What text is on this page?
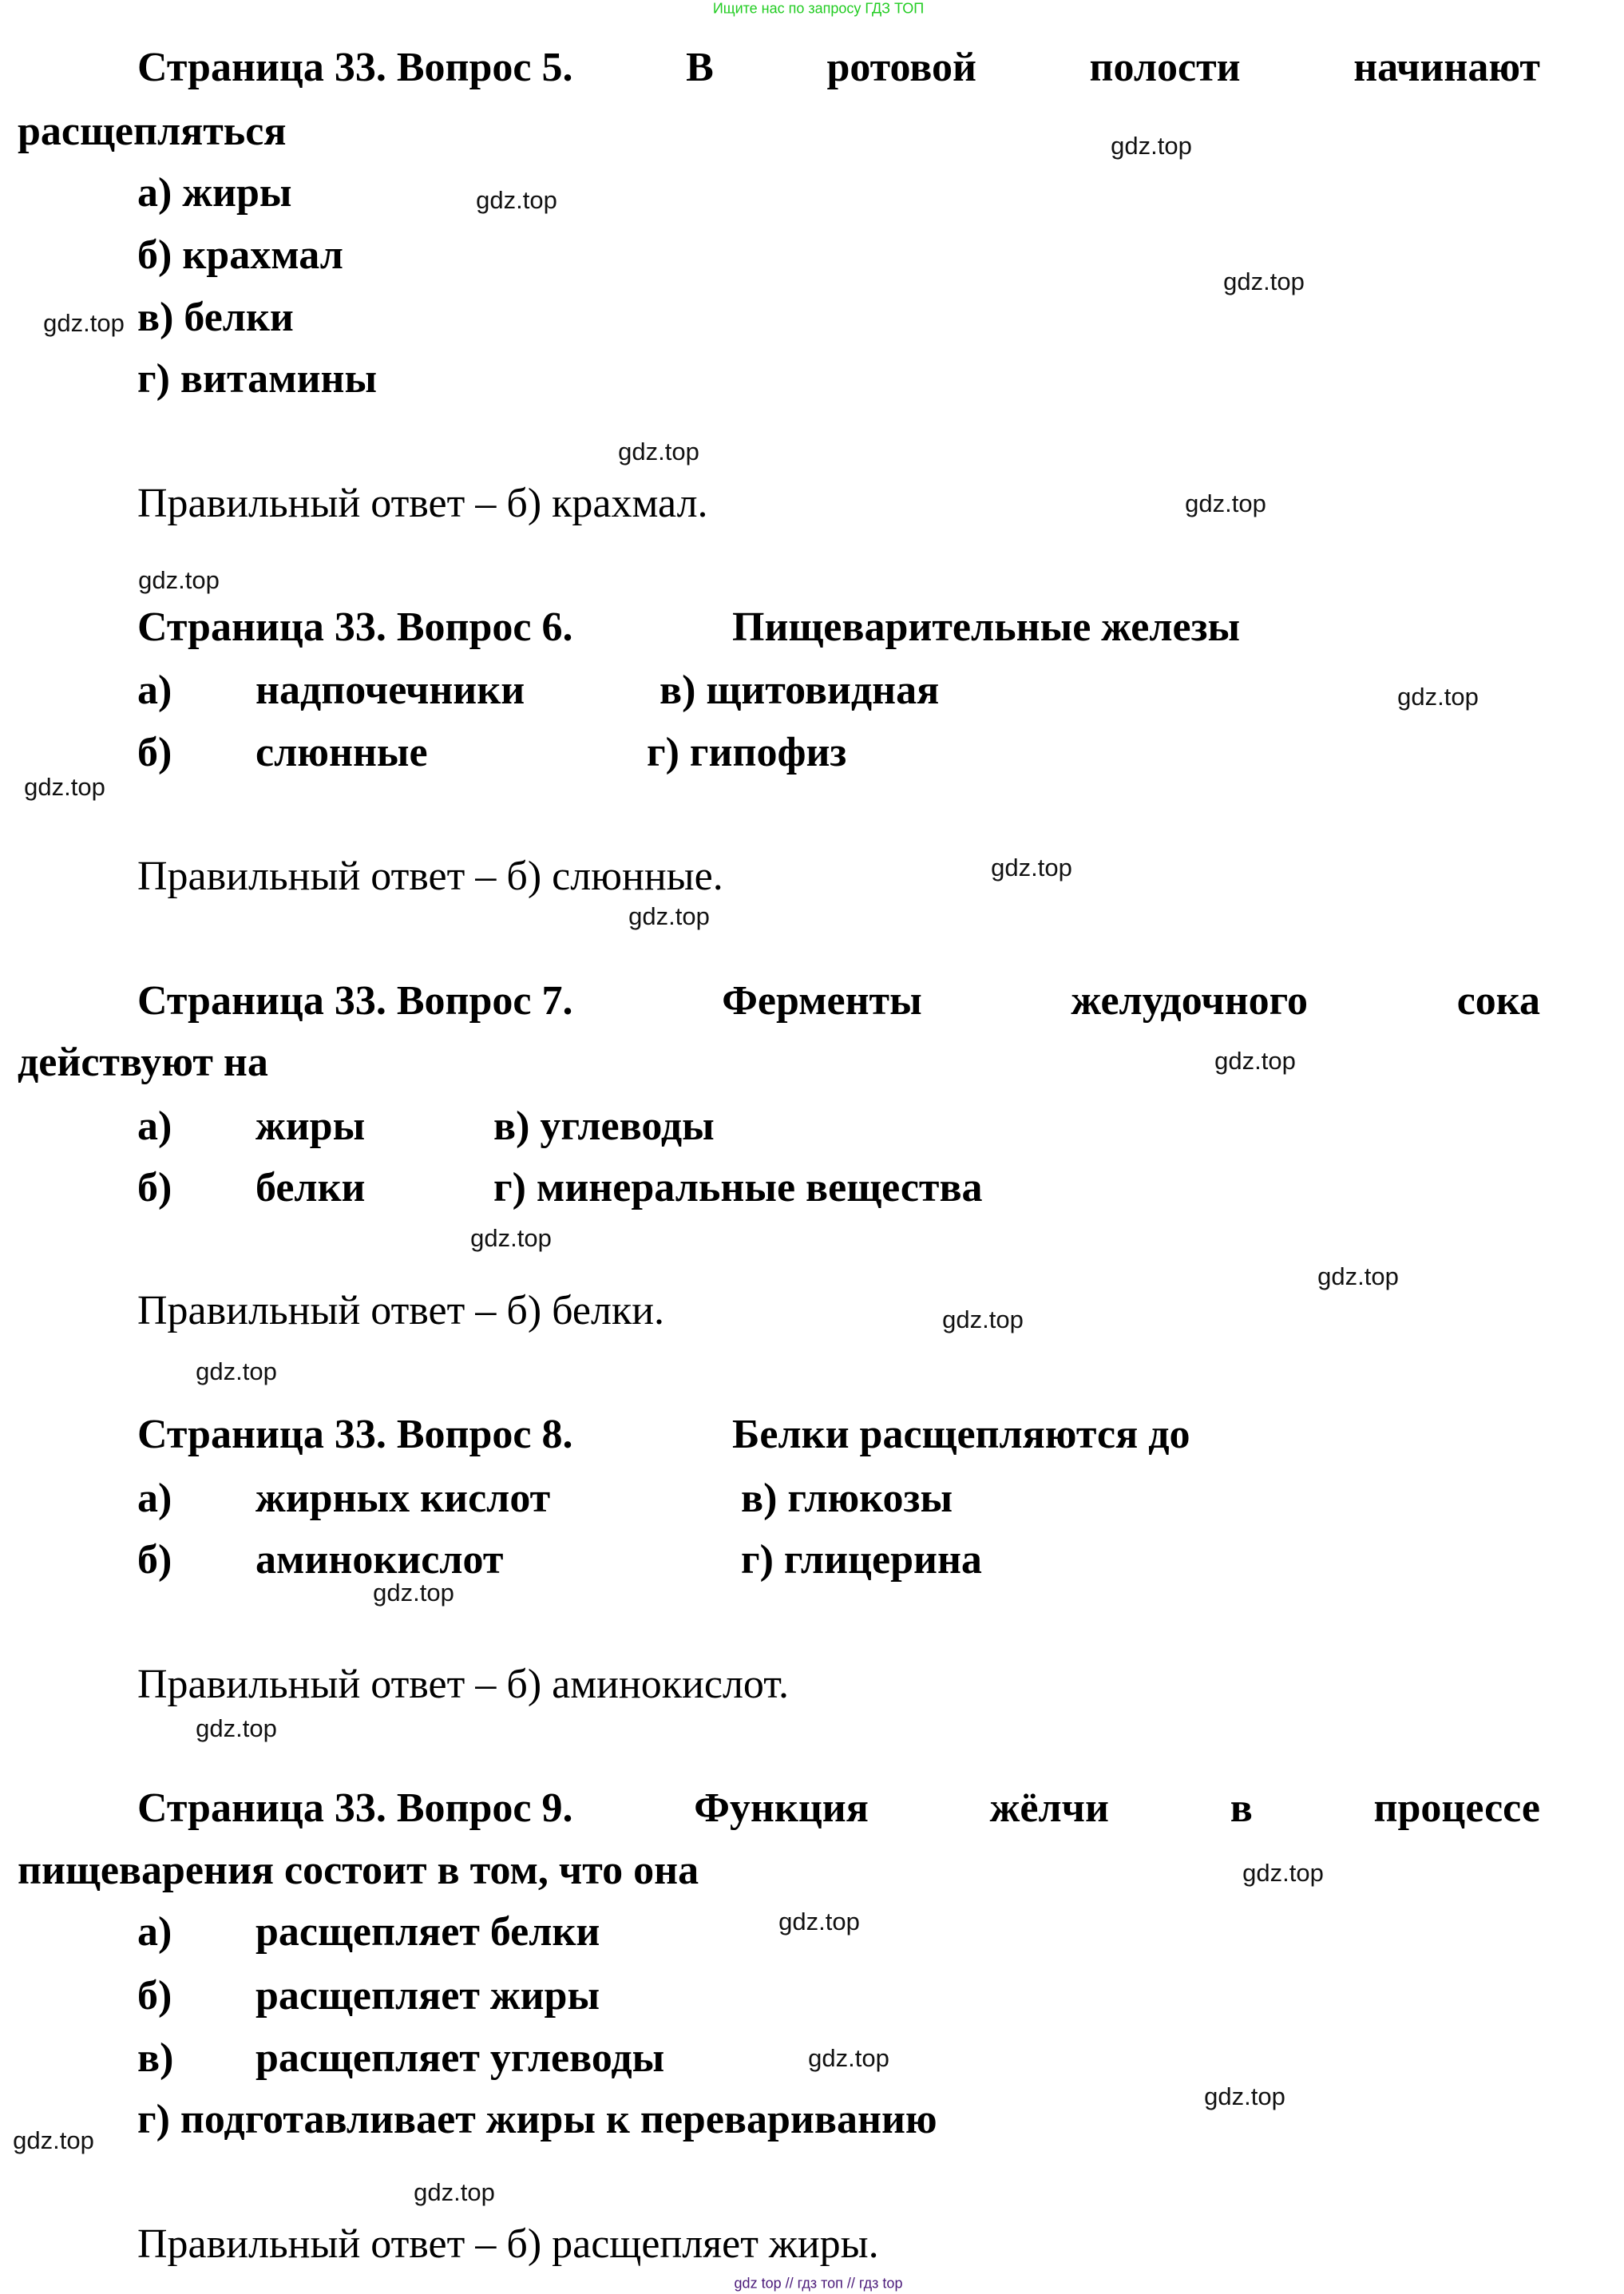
Ищите нас по запросу ГДЗ ТОП
Страница 33. Вопрос 5.	В	ротовой	полости	начинают
расщепляться
а) жиры
б) крахмал
в) белки
г) витамины
Правильный ответ – б) крахмал.
Страница 33. Вопрос 6.	Пищеварительные железы
а) надпочечники	в) щитовидная
б) слюнные	г) гипофиз
Правильный ответ – б) слюнные.
Страница 33. Вопрос 7.	Ферменты	желудочного	сока
действуют на
а) жиры	в) углеводы
б) белки	г) минеральные вещества
Правильный ответ – б) белки.
Страница 33. Вопрос 8.	Белки расщепляются до
а) жирных кислот	в) глюкозы
б) аминокислот	г) глицерина
Правильный ответ – б) аминокислот.
Страница 33. Вопрос 9.	Функция	жёлчи	в	процессе
пищеварения состоит в том, что она
а) расщепляет белки
б) расщепляет жиры
в) расщепляет углеводы
г) подготавливает жиры к перевариванию
Правильный ответ – б) расщепляет жиры.
gdz.top
gdz.top
gdz.top
gdz.top
gdz.top
gdz.top
gdz.top
gdz.top
gdz.top
gdz.top
gdz.top
gdz.top
gdz.top
gdz.top
gdz.top
gdz.top
gdz.top
gdz.top
gdz.top
gdz.top
gdz.top
gdz.top
gdz.top
gdz.top
gdz top // гдз топ // гдз top
